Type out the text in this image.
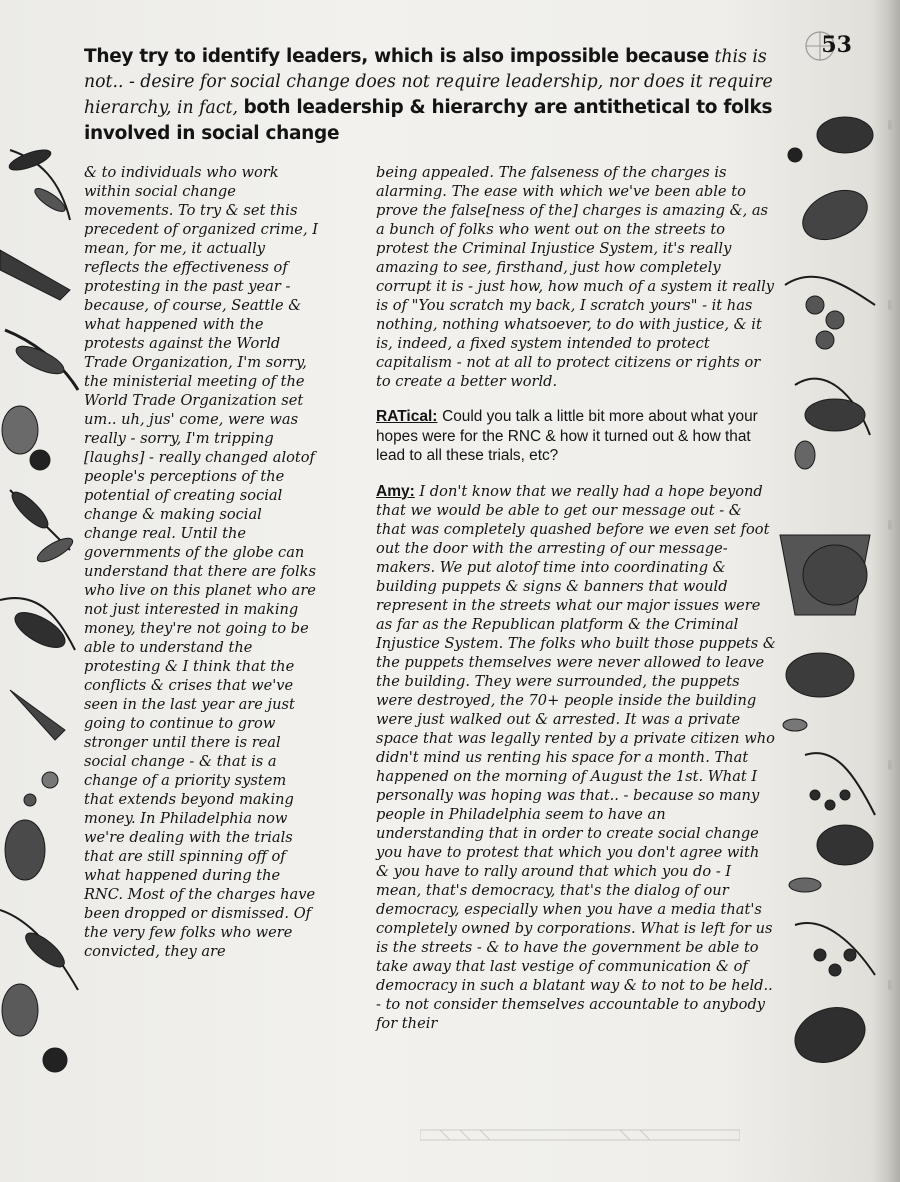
53
They try to identify leaders, which is also impossible because this is not.. - desire for social change does not require leadership, nor does it require hierarchy, in fact, both leadership & hierarchy are antithetical to folks involved in social change

& to individuals who work within social change movements. To try & set this precedent of organized crime, I mean, for me, it actually reflects the effectiveness of protesting in the past year - because, of course, Seattle & what happened with the protests against the World Trade Organization, I'm sorry, the ministerial meeting of the World Trade Organization set um.. uh, jus' come, were was really - sorry, I'm tripping [laughs] - really changed alotof people's perceptions of the potential of creating social change & making social change real. Until the governments of the globe can understand that there are folks who live on this planet who are not just interested in making money, they're not going to be able to understand the protesting & I think that the conflicts & crises that we've seen in the last year are just going to continue to grow stronger until there is real social change - & that is a change of a priority system that extends beyond making money. In Philadelphia now we're dealing with the trials that are still spinning off of what happened during the RNC. Most of the charges have been dropped or dismissed. Of the very few folks who were convicted, they are

being appealed. The falseness of the charges is alarming. The ease with which we've been able to prove the false[ness of the] charges is amazing &, as a bunch of folks who went out on the streets to protest the Criminal Injustice System, it's really amazing to see, firsthand, just how completely corrupt it is - just how, how much of a system it really is of "You scratch my back, I scratch yours" - it has nothing, nothing whatsoever, to do with justice, & it is, indeed, a fixed system intended to protect capitalism - not at all to protect citizens or rights or to create a better world.

RATical: Could you talk a little bit more about what your hopes were for the RNC & how it turned out & how that lead to all these trials, etc?

Amy: I don't know that we really had a hope beyond that we would be able to get our message out - & that was completely quashed before we even set foot out the door with the arresting of our message-makers. We put alotof time into coordinating & building puppets & signs & banners that would represent in the streets what our major issues were as far as the Republican platform & the Criminal Injustice System. The folks who built those puppets & the puppets themselves were never allowed to leave the building. They were surrounded, the puppets were destroyed, the 70+ people inside the building were just walked out & arrested. It was a private space that was legally rented by a private citizen who didn't mind us renting his space for a month. That happened on the morning of August the 1st. What I personally was hoping was that.. - because so many people in Philadelphia seem to have an understanding that in order to create social change you have to protest that which you don't agree with & you have to rally around that which you do - I mean, that's democracy, that's the dialog of our democracy, especially when you have a media that's completely owned by corporations. What is left for us is the streets - & to have the government be able to take away that last vestige of communication & of democracy in such a blatant way & to not to be held.. - to not consider themselves accountable to anybody for their
